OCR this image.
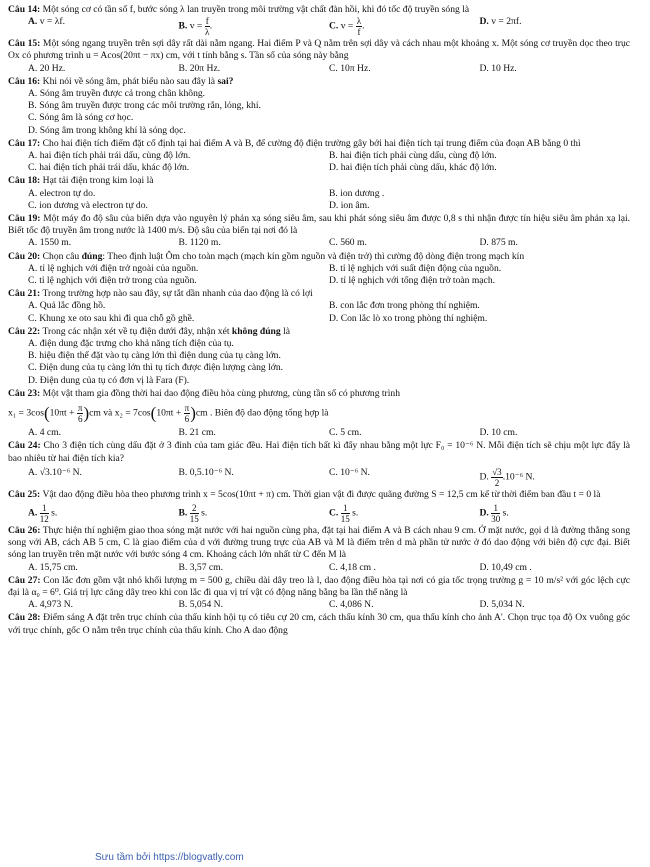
Câu 14: Một sóng cơ có tần số f, bước sóng λ lan truyền trong môi trường vật chất đàn hồi, khi đó tốc độ truyền sóng là
A. v = λf.	B. $v = \frac{f}{\lambda}$ .	C. $v = \frac{\lambda}{f}$ .	D. v = 2πf.
Câu 15: Một sóng ngang truyền trên sợi dây rất dài nằm ngang. Hai điểm P và Q nằm trên sợi dây và cách nhau một khoảng x. Một sóng cơ truyền dọc theo trục Ox có phương trình u = Acos(20πt − πx) cm, với t tính bằng s. Tần số của sóng này bằng
A. 20 Hz.	B. 20π Hz.	C. 10π Hz.	D. 10 Hz.
Câu 16: Khi nói về sóng âm, phát biểu nào sau đây là sai?
A. Sóng âm truyền được cả trong chân không.
B. Sóng âm truyền được trong các môi trường rắn, lỏng, khí.
C. Sóng âm là sóng cơ học.
D. Sóng âm trong không khí là sóng dọc.
Câu 17: Cho hai điện tích điểm đặt cố định tại hai điểm A và B, để cường độ điện trường gây bởi hai điện tích tại trung điểm của đoạn AB bằng 0 thì
A. hai điện tích phải trái dấu, cùng độ lớn.	B. hai điện tích phải cùng dấu, cùng độ lớn.
C. hai điện tích phải trái dấu, khác độ lớn.	D. hai điện tích phải cùng dấu, khác độ lớn.
Câu 18: Hạt tải điện trong kim loại là
A. electron tự do.	B. ion dương .
C. ion dương và electron tự do.	D. ion âm.
Câu 19: Một máy đo độ sâu của biển dựa vào nguyên lý phản xạ sóng siêu âm, sau khi phát sóng siêu âm được 0,8 s thì nhận được tín hiệu siêu âm phản xạ lại. Biết tốc độ truyền âm trong nước là 1400 m/s. Độ sâu của biển tại nơi đó là
A. 1550 m.	B. 1120 m.	C. 560 m.	D. 875 m.
Câu 20: Chọn câu đúng: Theo định luật Ôm cho toàn mạch (mạch kín gồm nguồn và điện trở) thì cường độ dòng điện trong mạch kín
A. tỉ lệ nghịch với điện trở ngoài của nguồn.	B. tỉ lệ nghịch với suất điện động của nguồn.
C. tỉ lệ nghịch với điện trở trong của nguồn.	D. tỉ lệ nghịch với tổng điện trở toàn mạch.
Câu 21: Trong trường hợp nào sau đây, sự tắt dần nhanh của dao động là có lợi
A. Quả lắc đồng hồ.	B. con lắc đơn trong phòng thí nghiệm.
C. Khung xe oto sau khi đi qua chỗ gồ ghề.	D. Con lắc lò xo trong phòng thí nghiệm.
Câu 22: Trong các nhận xét về tụ điện dưới đây, nhận xét không đúng là
A. điện dung đặc trưng cho khả năng tích điện của tụ.
B. hiệu điện thế đặt vào tụ càng lớn thì điện dung của tụ càng lớn.
C. Điện dung của tụ càng lớn thì tụ tích được điện lượng càng lớn.
D. Điện dung của tụ có đơn vị là Fara (F).
Câu 23: Một vật tham gia đồng thời hai dao động điều hòa cùng phương, cùng tần số có phương trình
$x_1 = 3\cos(10\pi t + \frac{\pi}{6} )cm$ và $x_2 = 7\cos(10\pi t + \frac{\pi}{6} )cm$ . Biên độ dao động tổng hợp là
A. 4 cm.	B. 21 cm.	C. 5 cm.	D. 10 cm.
Câu 24: Cho 3 điện tích cùng dấu đặt ở 3 đỉnh của tam giác đều. Hai điện tích bất kì đẩy nhau bằng một lực F₀ = 10⁻⁶ N. Mỗi điện tích sẽ chịu một lực đẩy là bao nhiêu từ hai điện tích kia?
A. √3.10⁻⁶ N.	B. 0,5.10⁻⁶ N.	C. 10⁻⁶ N.	D. $\frac{√3}{2} .10^{-6}$ N.
Câu 25: Vật dao động điều hòa theo phương trình x = 5cos(10πt + π) cm. Thời gian vật đi được quãng đường S = 12,5 cm kể từ thời điểm ban đầu t = 0 là
A. $\frac{1}{12} s$.	B. $\frac{2}{15} s$.	C. $\frac{1}{15} s$.	D. $\frac{1}{30} s$.
Câu 26: Thực hiện thí nghiệm giao thoa sóng mặt nước với hai nguồn cùng pha, đặt tại hai điểm A và B cách nhau 9 cm. Ở mặt nước, gọi d là đường thẳng song song với AB, cách AB 5 cm, C là giao điểm của d với đường trung trực của AB và M là điểm trên d mà phần tử nước ở đó dao động với biên độ cực đại. Biết sóng lan truyền trên mặt nước với bước sóng 4 cm. Khoảng cách lớn nhất từ C đến M là
A. 15,75 cm.	B. 3,57 cm.	C. 4,18 cm .	D. 10,49 cm .
Câu 27: Con lắc đơn gồm vật nhỏ khối lượng m = 500 g, chiều dài dây treo là l, dao động điều hòa tại nơi có gia tốc trọng trường g = 10 m/s² với góc lệch cực đại là α₀ = 6⁰. Giá trị lực căng dây treo khi con lắc đi qua vị trí vật có động năng bằng ba lần thế năng là
A. 4,973 N.	B. 5,054 N.	C. 4,086 N.	D. 5,034 N.
Câu 28: Điểm sáng A đặt trên trục chính của thấu kính hội tụ có tiêu cự 20 cm, cách thấu kính 30 cm, qua thấu kính cho ảnh A'. Chọn trục tọa độ Ox vuông góc với trục chính, gốc O nằm trên trục chính của thấu kính. Cho A dao động
Sưu tầm bởi https://blogvatly.com
